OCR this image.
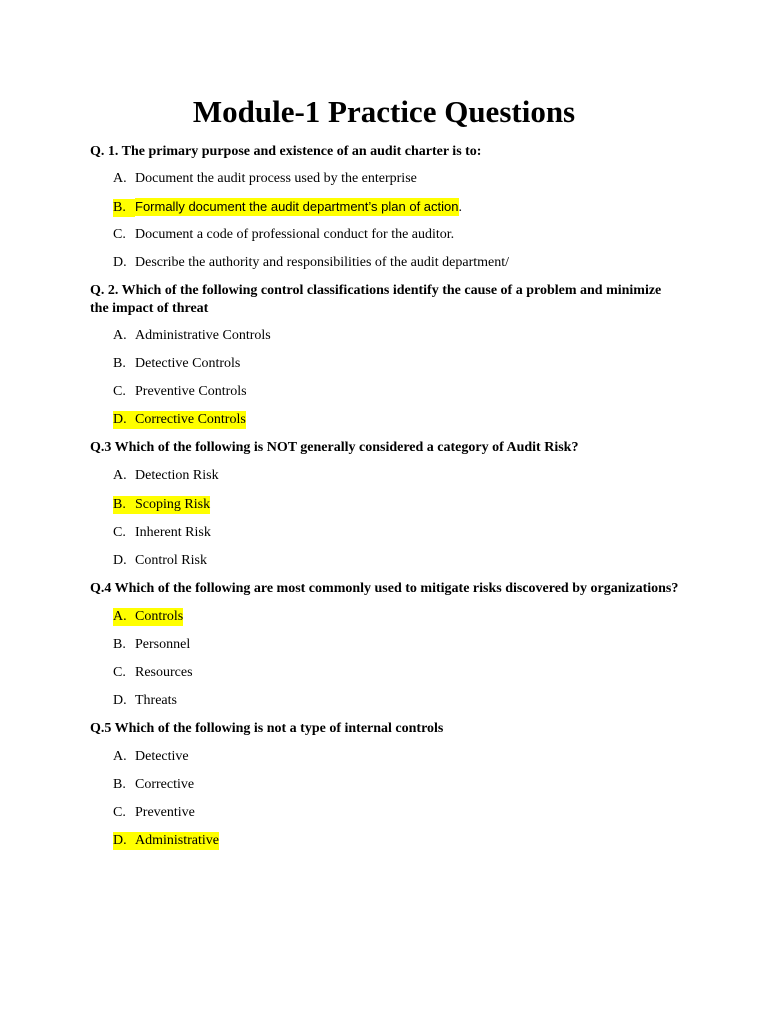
Module-1 Practice Questions

Q. 1. The primary purpose and existence of an audit charter is to:

A. Document the audit process used by the enterprise
B. Formally document the audit department’s plan of action.
C. Document a code of professional conduct for the auditor.
D. Describe the authority and responsibilities of the audit department/

Q. 2. Which of the following control classifications identify the cause of a problem and minimize the impact of threat

A. Administrative Controls
B. Detective Controls
C. Preventive Controls
D. Corrective Controls

Q.3 Which of the following is NOT generally considered a category of Audit Risk?

A. Detection Risk
B. Scoping Risk
C. Inherent Risk
D. Control Risk

Q.4 Which of the following are most commonly used to mitigate risks discovered by organizations?

A. Controls
B. Personnel
C. Resources
D. Threats

Q.5 Which of the following is not a type of internal controls

A. Detective
B. Corrective
C. Preventive
D. Administrative
